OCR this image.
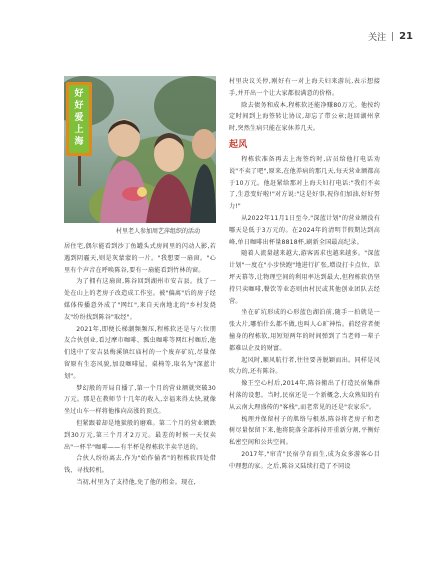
关注 21
好
好
爱
上
海
村里老人参加周艺萍组织的活动

居住宅,偶尔能看到沙丁鱼罐头式房间里的闪动人影,若遇到阴霾天,则是灰蒙蒙的一片。"我想要一扇窗。"心里有个声音在呼唤陈谷,要有一扇能看到竹林的窗。

为了拥有这扇窗,陈谷回到湖州市安吉县。找了一处在山上的老房子改造成工作室。被"偏离"后的房子经媒体传播意外成了"网红",来自天南地北的"乡村发烧友"纷纷找到陈谷"取经"。

2021年,即便长梯潮频频压,程栋软还是与六位朋友合伙创业,看过摩市咖啡、瓢虫咖啡等网红村咖后,他们选中了安吉县梅溪镇红庙村的一个废弃矿坑,尽量保留原有生态风貌,加设咖啡屋、桌椅等,取名为"深蓝计划"。

梦幻般的开局自播了,第一个月的营业额就突破30万元。那是在教师节十几年的收入,幸福来得太快,就像坐过山车一样将他推向高涨的顶点。

但紧跟着却是地狱般的磨难。第二个月的营业额跌到30万元,第三个月才2万元。最差的时候一天仅卖出"一杯半"咖啡——有半杯是程栋软半卖半送的。

合伙人纷纷离去,作为"始作俑者"的程栋软四处借钱、寻找转机。

当初,村里为了支持他,免了他的租金。现在,

村里决议关停,刚好有一对上海夫妇来游玩,表示想接手,并开出一个让大家都很满意的价格。

除去债务和成本,程栋软还能净赚80万元。他按约定时间到上海签转让协议,却忘了带公章;赶回湖州拿时,突然生病只能在家休养几天。

起风

程栋软准备再去上海签约时,店员给他打电话劝说"不卖了吧",原来,在他养病的那几天,每天营业额都高于10万元。他赶紧给那对上海夫妇打电话:"我们不卖了,生意变好啦!"对方说:"这是好事,祝你们加油,好好努力!"

从2022年11月1日至今,"深蓝计划"的营业额没有哪天是低于3万元的。在2024年的清明节假期达到高峰,单日咖啡出杯量8818杯,刷新全国最高纪录。

随着人流量越来越大,游客需求也越来越多。"深蓝计划"一度在"小步快跑"地进行扩张,增设打卡点位、草坪天幕等,让物理空间的利用率达到最大,但程栋软仍坚持只卖咖啡,餐饮等业态则由村民或其他创业团队去经营。

坐在矿坑形成的心形蓝色湖泊前,随手一拍就是一张大片,哪怕什么都不做,也叫人心旷神怡。前经营者便撞身的程栋软,用短短两年的时间弹到了当老师一辈子都难以企及的财富。

起风时,顺风航行者,往往要善脱颖而出。同样是风吹力的,还有陈谷。

像王空心村后,2014年,陈谷搬出了打造民宿集群村落的设想。当时,民宿还是一个新概念,大众熟知的有从云南大理盛传的"客栈",而老常见的还是"农家乐"。

梳理并保留村子的肌络与根基,陈谷将老房子和老树尽量保留下来,他将院落全部拆掉开重新分割,平衡好私密空间和公共空间。

2017年,"帘青"民宿孕育而生,成为众多游客心目中理想的家。之后,陈谷又陆续打造了不同设
